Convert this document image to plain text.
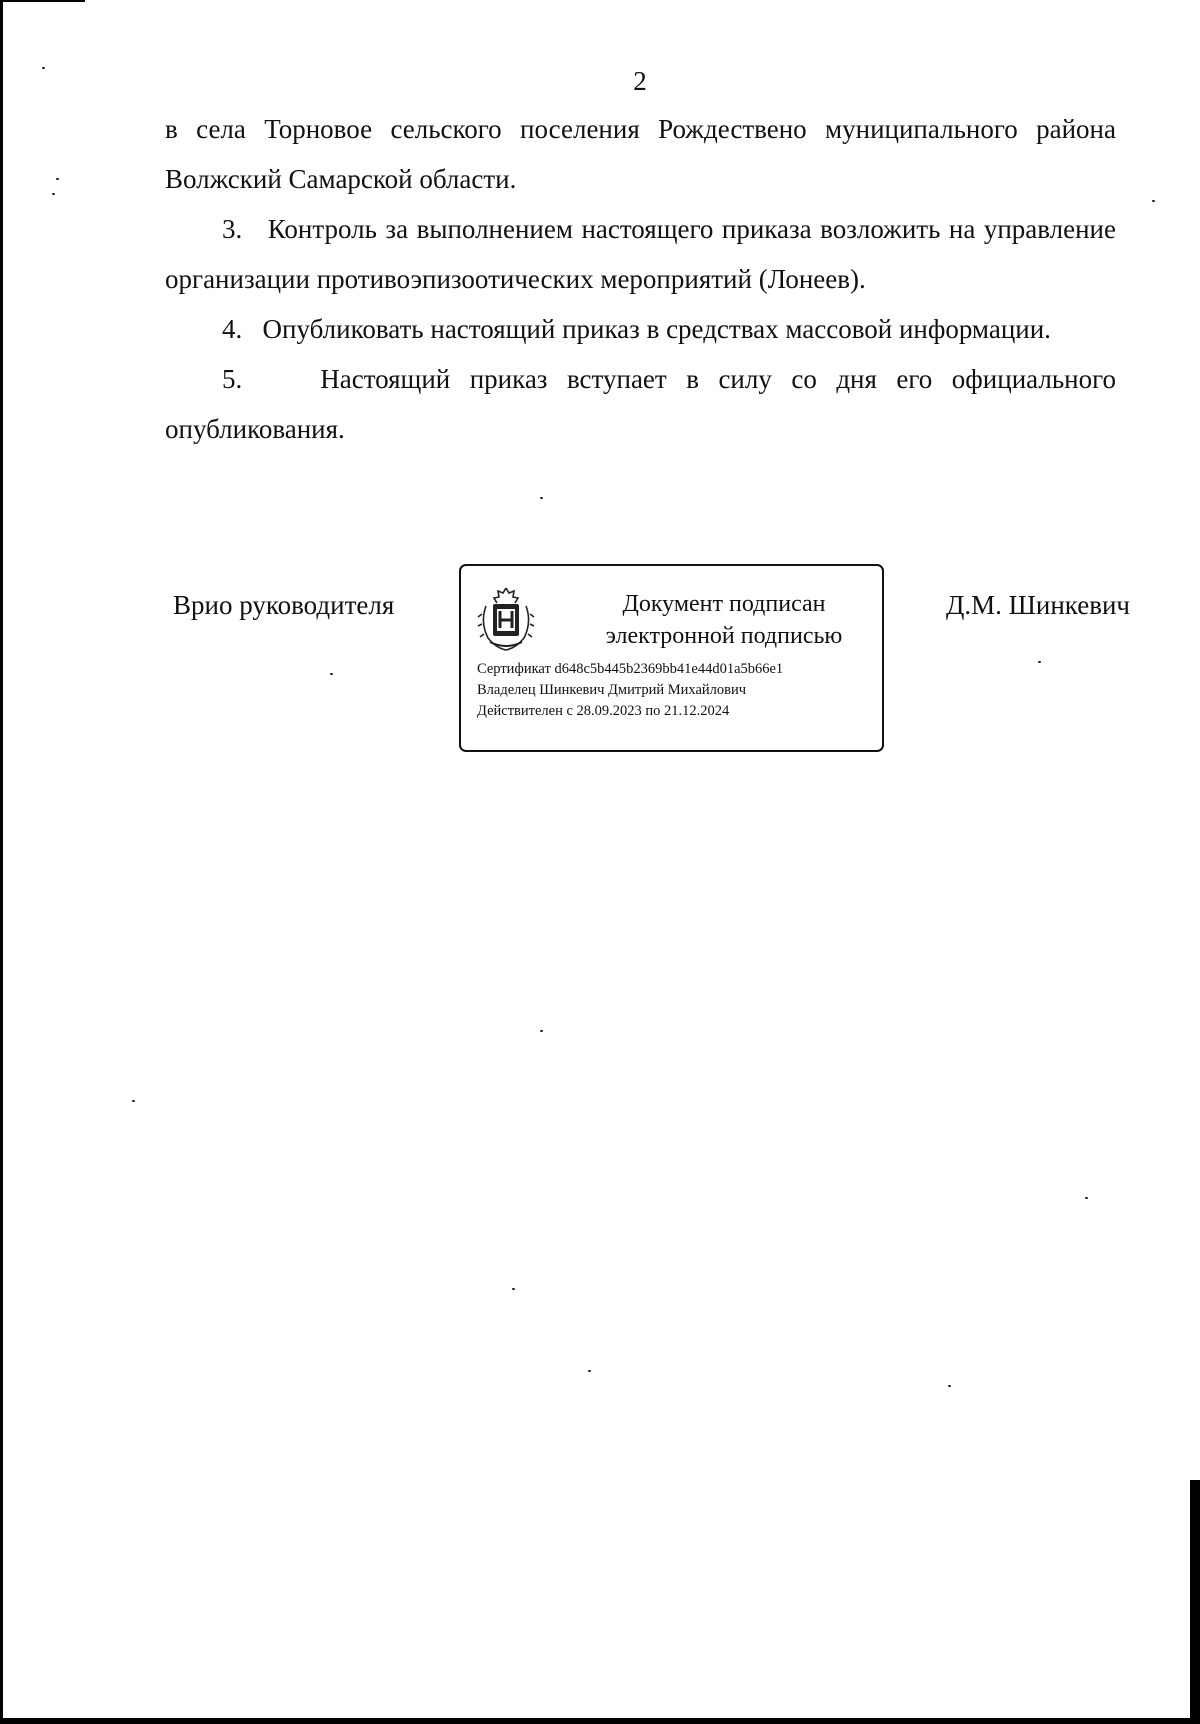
2

в села Торновое сельского поселения Рождествено муниципального района Волжский Самарской области.

3.   Контроль за выполнением настоящего приказа возложить на управление организации противоэпизоотических мероприятий (Лонеев).

4.   Опубликовать настоящий приказ в средствах массовой информации.

5.    Настоящий приказ вступает в силу со дня его официального опубликования.

Врио руководителя	Документ подписан
электронной подписью
Сертификат d648c5b445b2369bb41e44d01a5b66e1
Владелец Шинкевич Дмитрий Михайлович
Действителен с 28.09.2023 по 21.12.2024
Д.М. Шинкевич
